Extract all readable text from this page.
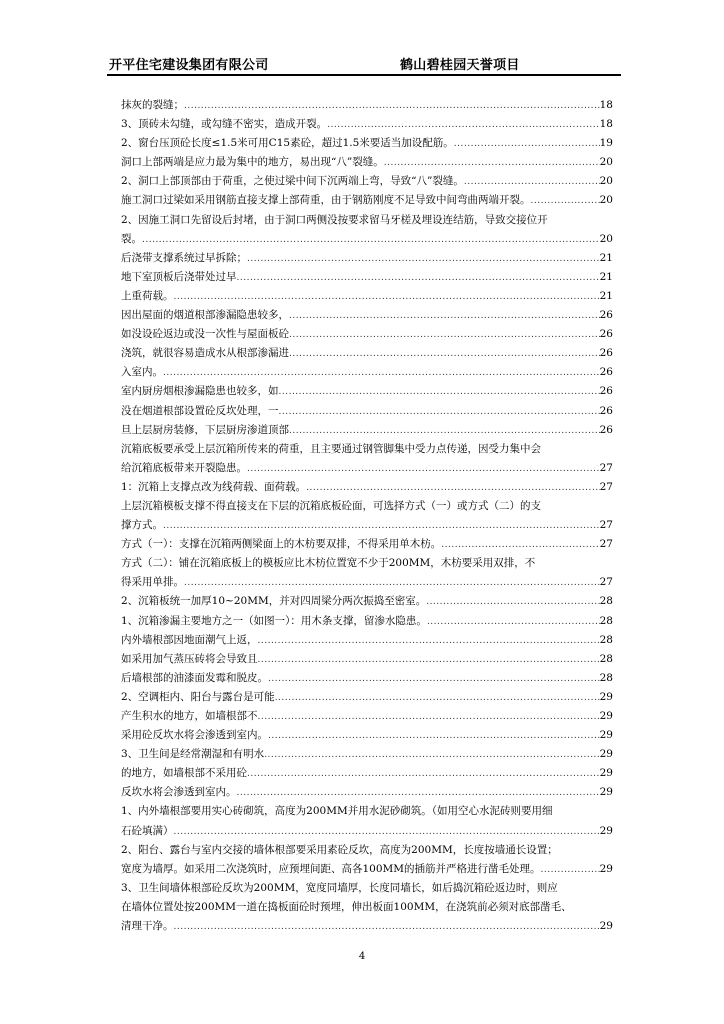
开平住宅建设集团有限公司	鹤山碧桂园天誉项目
抹灰的裂缝； .....	18
3、顶砖未勾缝，或勾缝不密实，造成开裂。 .....	18
2、窗台压顶砼长度≤1.5米可用C15素砼，超过1.5米要适当加设配筋。 .....	19
洞口上部两端是应力最为集中的地方，易出现“八”裂缝。 .....	20
2、洞口上部顶部由于荷重，之使过梁中间下沉两端上弯，导致“八”裂缝。 .....	20
施工洞口过梁如采用钢筋直接支撑上部荷重，由于钢筋刚度不足导致中间弯曲两端开裂。 .....	20
2、因施工洞口先留设后封堵，由于洞口两侧没按要求留马牙槎及埋设连结筋，导致交接位开
裂。 .....	20
后浇带支撑系统过早拆除； .....	21
地下室顶板后浇带处过早 .....	21
上重荷载。 .....	21
因出屋面的烟道根部渗漏隐患较多， .....	26
如没设砼返边或没一次性与屋面板砼 .....	26
浇筑，就很容易造成水从根部渗漏进 .....	26
入室内。 .....	26
室内厨房烟根渗漏隐患也较多，如 .....	26
没在烟道根部设置砼反坎处理，一 .....	26
旦上层厨房装修，下层厨房渗道顶部 .....	26
沉箱底板要承受上层沉箱所传来的荷重，且主要通过钢管脚集中受力点传递，因受力集中会
给沉箱底板带来开裂隐患。 .....	27
1：沉箱上支撑点改为线荷载、面荷载。 .....	27
上层沉箱模板支撑不得直接支在下层的沉箱底板砼面，可选择方式（一）或方式（二）的支
撑方式。 .....	27
方式（一）：支撑在沉箱两侧梁面上的木枋要双排，不得采用单木枋。 .....	27
方式（二）：铺在沉箱底板上的模板应比木枋位置宽不少于200MM，木枋要采用双排，不
得采用单排。 .....	27
2、沉箱板统一加厚10~20MM，并对四周梁分两次振捣至密室。 .....	28
1、沉箱渗漏主要地方之一（如图一）：用木条支撑，留渗水隐患。 .....	28
内外墙根部因地面潮气上返， .....	28
如采用加气蒸压砖将会导致且 .....	28
后墙根部的油漆面发霉和脱皮。 .....	28
2、空调柜内、阳台与露台是可能 .....	29
产生积水的地方，如墙根部不 .....	29
采用砼反坎水将会渗透到室内。 .....	29
3、卫生间是经常潮湿和有明水 .....	29
的地方，如墙根部不采用砼 .....	29
反坎水将会渗透到室内。 .....	29
1、内外墙根部要用实心砖砌筑，高度为200MM并用水泥砂砌筑。（如用空心水泥砖则要用细
石砼填满） .....	29
2、阳台、露台与室内交接的墙体根部要采用素砼反坎，高度为200MM，长度按墙通长设置；
宽度为墙厚。如采用二次浇筑时，应预埋间距、高各100MM的插筋并严格进行凿毛处理。 .....	29
3、卫生间墙体根部砼反坎为200MM，宽度同墙厚，长度同墙长，如后捣沉箱砼返边时，则应
在墙体位置处按200MM一道在捣板面砼时预埋，伸出板面100MM，在浇筑前必须对底部凿毛、
清理干净。 .....	29
4
